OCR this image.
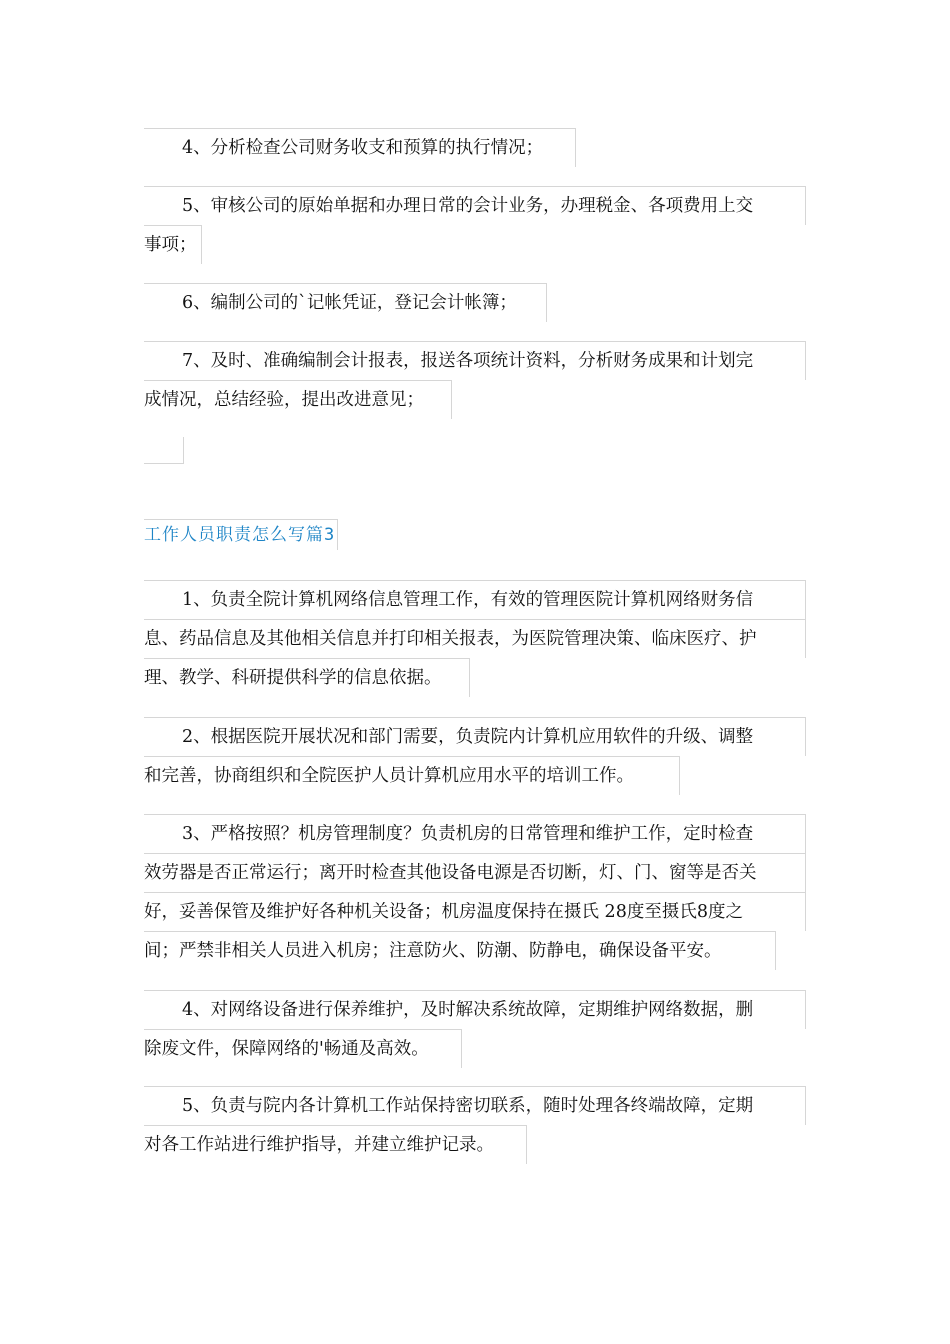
4、分析检查公司财务收支和预算的执行情况；
5、审核公司的原始单据和办理日常的会计业务，办理税金、各项费用上交
事项；
6、编制公司的`记帐凭证，登记会计帐簿；
7、及时、准确编制会计报表，报送各项统计资料，分析财务成果和计划完
成情况，总结经验，提出改进意见；
工作人员职责怎么写篇3
1、负责全院计算机网络信息管理工作，有效的管理医院计算机网络财务信
息、药品信息及其他相关信息并打印相关报表，为医院管理决策、临床医疗、护
理、教学、科研提供科学的信息依据。
2、根据医院开展状况和部门需要，负责院内计算机应用软件的升级、调整
和完善，协商组织和全院医护人员计算机应用水平的培训工作。
3、严格按照？机房管理制度？负责机房的日常管理和维护工作，定时检查
效劳器是否正常运行；离开时检查其他设备电源是否切断，灯、门、窗等是否关
好，妥善保管及维护好各种机关设备；机房温度保持在摄氏 28度至摄氏8度之
间；严禁非相关人员进入机房；注意防火、防潮、防静电，确保设备平安。
4、对网络设备进行保养维护，及时解决系统故障，定期维护网络数据，删
除废文件，保障网络的'畅通及高效。
5、负责与院内各计算机工作站保持密切联系，随时处理各终端故障，定期
对各工作站进行维护指导，并建立维护记录。
